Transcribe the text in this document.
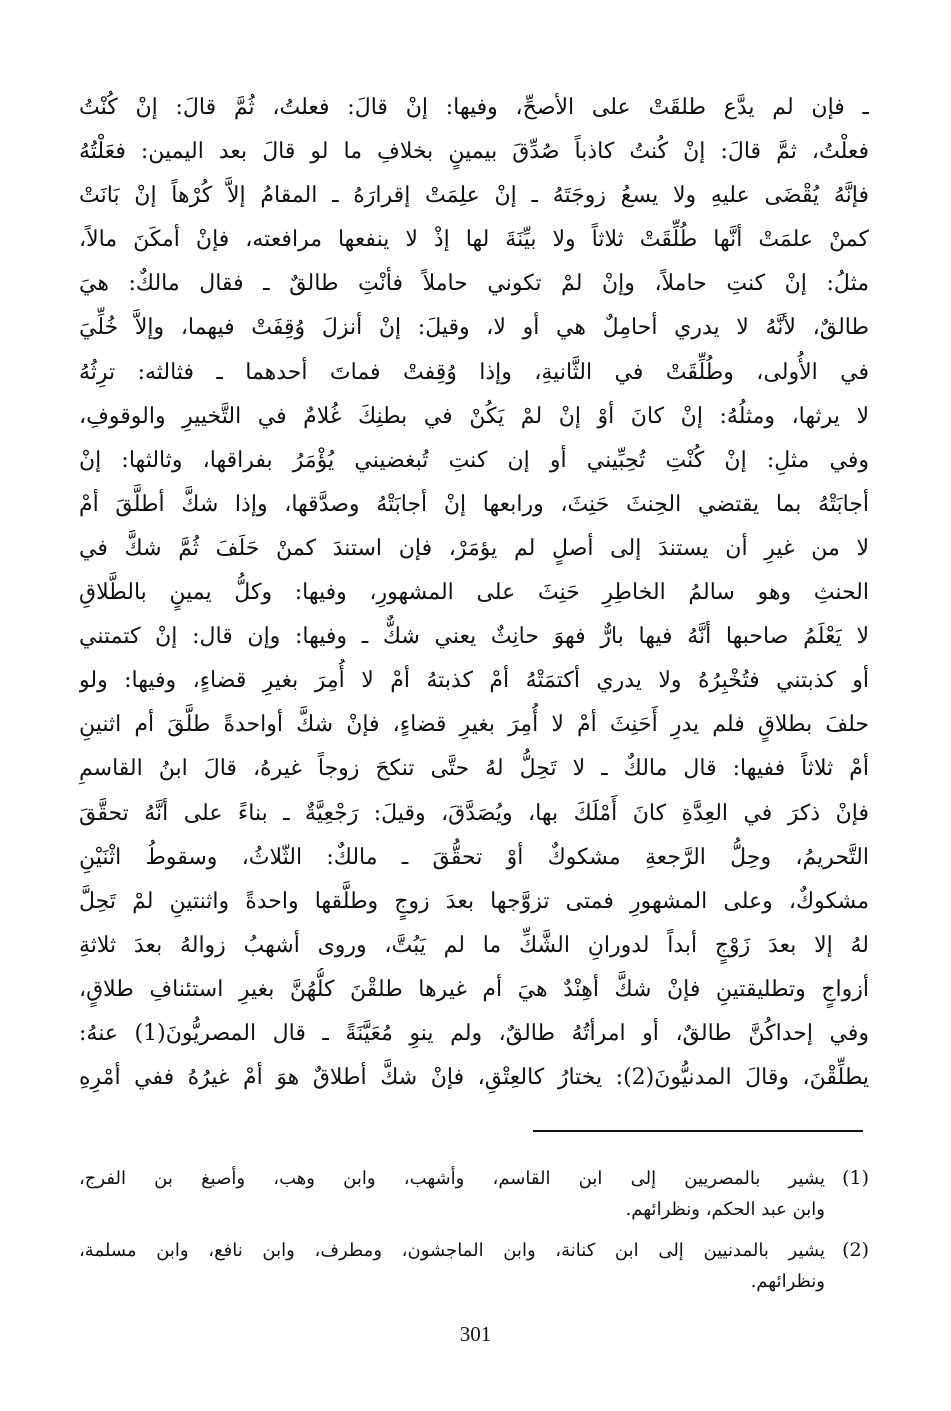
ـ فإن لم يدَّع طلقَتْ على الأصحِّ، وفيها: إنْ قالَ: فعلتُ، ثُمَّ قالَ: إنْ كُنْتُ
فعلْتُ، ثمَّ قالَ: إنْ كُنتُ كاذباً صُدِّقَ بيمينٍ بخلافِ ما لو قالَ بعد اليمين: فعَلْتُهُ
فإنَّهُ يُقْضَى عليهِ ولا يسعُ زوجَتَهُ ـ إنْ علِمَتْ إقرارَهُ ـ المقامُ إلاَّ كُرْهاً إنْ بَانَتْ
كمنْ علمَتْ أنَّها طُلِّقَتْ ثلاثاً ولا بيِّنَةَ لها إذْ لا ينفعها مرافعته، فإنْ أمكَنَ مالاً،
مثلُ: إنْ كنتِ حاملاً، وإنْ لمْ تكوني حاملاً فأنْتِ طالقٌ ـ فقال مالكٌ: هيَ
طالقٌ، لأنَّهُ لا يدري أحامِلٌ هي أو لا، وقيلَ: إنْ أنزلَ وُقِفَتْ فيهما، وإلاَّ خُلِّيَ
في الأُولى، وطُلِّقَتْ في الثَّانيةِ، وإذا وُقِفتْ فماتَ أحدهما ـ فثالثه: ترِثُهُ
لا يرثها، ومثلُهُ: إنْ كانَ أوْ إنْ لمْ يَكُنْ في بطنِكَ غُلامٌ في التَّخييرِ والوقوفِ،
وفي مثلِ: إنْ كُنْتِ تُحِبِّيني أو إن كنتِ تُبغضيني يُؤْمَرُ بفراقها، وثالثها: إنْ
أجابَتْهُ بما يقتضي الحِنثَ حَنِثَ، ورابعها إنْ أجابَتْهُ وصدَّقها، وإذا شكَّ أطلَّقَ أمْ
لا من غيرِ أن يستندَ إلى أصلٍ لم يؤمَرْ، فإن استندَ كمنْ حَلَفَ ثُمَّ شكَّ في
الحنثِ وهو سالمُ الخاطِرِ حَنِثَ على المشهورِ، وفيها: وكلُّ يمينٍ بالطَّلاقِ
لا يَعْلَمُ صاحبها أنَّهُ فيها بارٌّ فهوَ حانِثٌ يعني شكٌّ ـ وفيها: وإن قال: إنْ كتمتني
أو كذبتني فتُخْبِرُهُ ولا يدري أكتمَتْهُ أمْ كذبتهُ أمْ لا أُمِرَ بغيرِ قضاءٍ، وفيها: ولو
حلفَ بطلاقٍ فلم يدرِ أَحَنِثَ أمْ لا أُمِرَ بغيرِ قضاءٍ، فإنْ شكَّ أواحدةً طلَّقَ أم اثنينِ
أمْ ثلاثاً ففيها: قال مالكٌ ـ لا تَحِلُّ لهُ حتَّى تنكحَ زوجاً غيرهُ، قالَ ابنُ القاسمِ
فإنْ ذكرَ في العِدَّةِ كانَ أَمْلَكَ بها، ويُصَدَّقَ، وقيلَ: رَجْعِيَّةٌ ـ بناءً على أنَّهُ تحقَّقَ
التَّحريمُ، وحِلُّ الرَّجعةِ مشكوكٌ أوْ تحقُّقَ ـ مالكٌ: الثّلاثُ، وسقوطُ اثْنَيْنِ
مشكوكٌ، وعلى المشهورِ فمتى تزوَّجها بعدَ زوجٍ وطلَّقها واحدةً واثنتينِ لمْ تَحِلَّ
لهُ إلا بعدَ زَوْجٍ أبداً لدورانِ الشَّكِّ ما لم يَبُتَّ، وروى أشهبُ زوالهُ بعدَ ثلاثةِ
أزواجٍ وتطليقتينِ فإنْ شكَّ أهِنْدٌ هيَ أم غيرها طلقْنَ كلُّهُنَّ بغيرِ استئنافِ طلاقٍ،
وفي إحداكُنَّ طالقٌ، أو امرأتُهُ طالقٌ، ولم ينوِ مُعَيَّنَةً ـ قال المصريُّونَ(1) عنهُ:
يطلِّقْنَ، وقالَ المدنيُّونَ(2): يختارُ كالعِتْقِ، فإنْ شكَّ أطلاقٌ هوَ أمْ غيرُهُ ففي أمْرِهِ
(1)
يشير بالمصريين إلى ابن القاسم، وأشهب، وابن وهب، وأصبغ بن الفرج،
وابن عبد الحكم، ونظرائهم.
(2)
يشير بالمدنيين إلى ابن كنانة، وابن الماجشون، ومطرف، وابن نافع، وابن مسلمة،
ونظرائهم.
301
